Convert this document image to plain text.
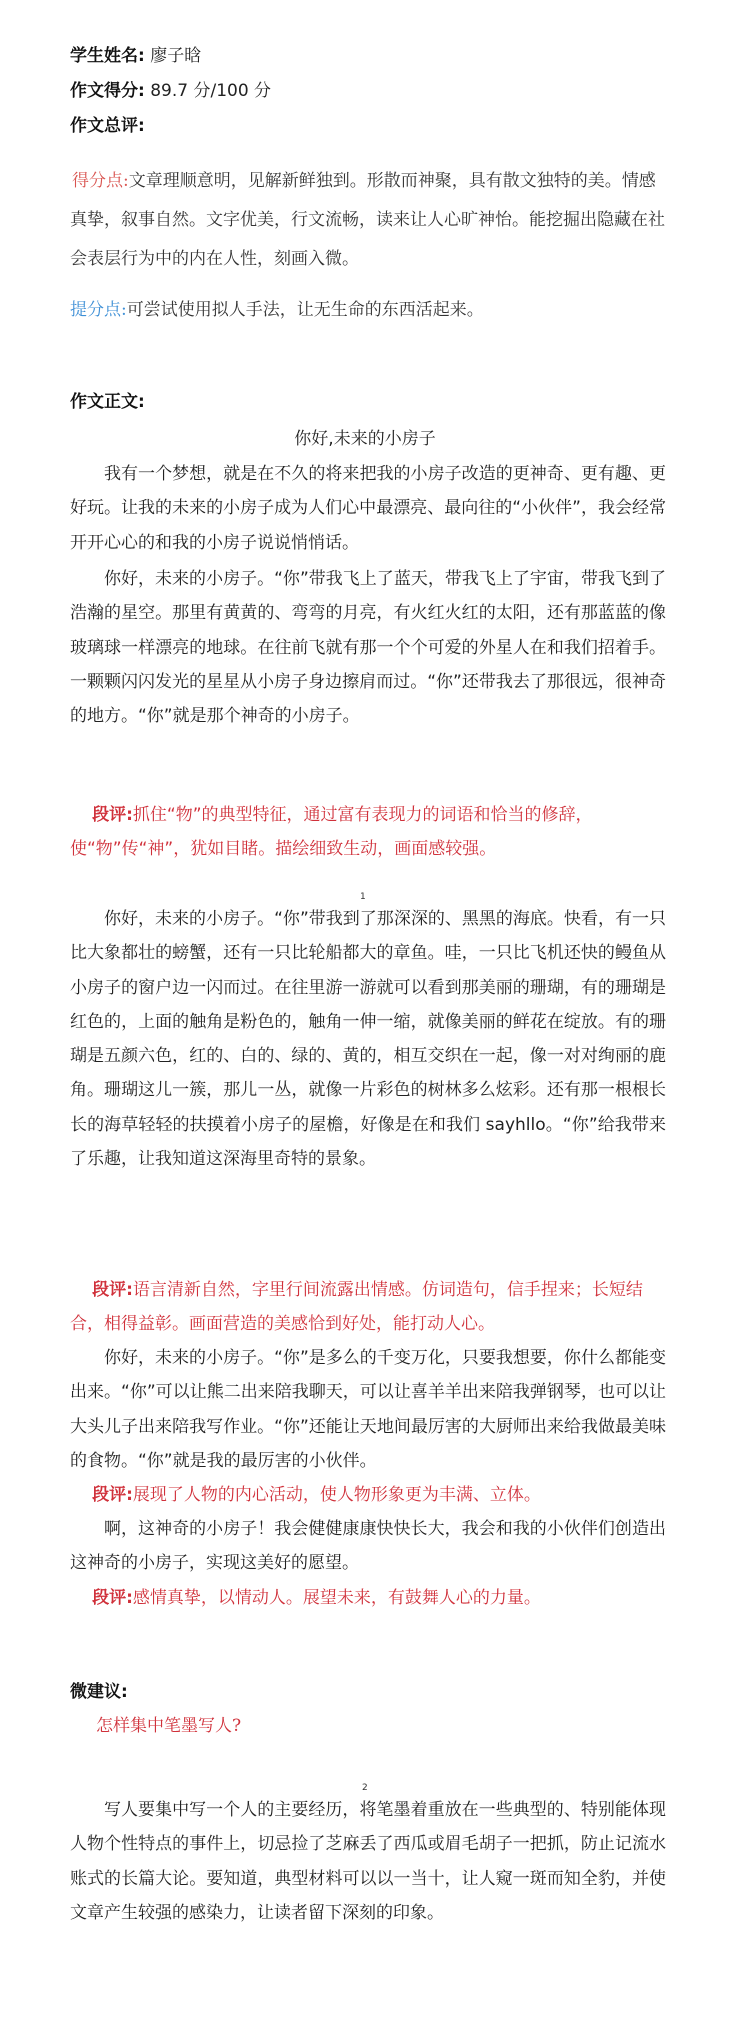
学生姓名: 廖子晗
作文得分: 89.7 分/100 分
作文总评:
得分点:文章理顺意明，见解新鲜独到。形散而神聚，具有散文独特的美。情感真挚，叙事自然。文字优美，行文流畅，读来让人心旷神怡。能挖掘出隐藏在社会表层行为中的内在人性，刻画入微。
提分点:可尝试使用拟人手法，让无生命的东西活起来。
作文正文:
你好,未来的小房子
我有一个梦想，就是在不久的将来把我的小房子改造的更神奇、更有趣、更好玩。让我的未来的小房子成为人们心中最漂亮、最向往的“小伙伴”，我会经常开开心心的和我的小房子说说悄悄话。
你好，未来的小房子。“你”带我飞上了蓝天，带我飞上了宇宙，带我飞到了浩瀚的星空。那里有黄黄的、弯弯的月亮，有火红火红的太阳，还有那蓝蓝的像玻璃球一样漂亮的地球。在往前飞就有那一个个可爱的外星人在和我们招着手。一颗颗闪闪发光的星星从小房子身边擦肩而过。“你”还带我去了那很远，很神奇的地方。“你”就是那个神奇的小房子。
段评:抓住“物”的典型特征，通过富有表现力的词语和恰当的修辞，使“物”传“神”，犹如目睹。描绘细致生动，画面感较强。
1
你好，未来的小房子。“你”带我到了那深深的、黑黑的海底。快看，有一只比大象都壮的螃蟹，还有一只比轮船都大的章鱼。哇，一只比飞机还快的鳗鱼从小房子的窗户边一闪而过。在往里游一游就可以看到那美丽的珊瑚，有的珊瑚是红色的，上面的触角是粉色的，触角一伸一缩，就像美丽的鲜花在绽放。有的珊瑚是五颜六色，红的、白的、绿的、黄的，相互交织在一起，像一对对绚丽的鹿角。珊瑚这儿一簇，那儿一丛，就像一片彩色的树林多么炫彩。还有那一根根长长的海草轻轻的扶摸着小房子的屋檐，好像是在和我们 sayhllo。“你”给我带来了乐趣，让我知道这深海里奇特的景象。
段评:语言清新自然，字里行间流露出情感。仿词造句，信手捏来；长短结合，相得益彰。画面营造的美感恰到好处，能打动人心。
你好，未来的小房子。“你”是多么的千变万化，只要我想要，你什么都能变出来。“你”可以让熊二出来陪我聊天，可以让喜羊羊出来陪我弹钢琴，也可以让大头儿子出来陪我写作业。“你”还能让天地间最厉害的大厨师出来给我做最美味的食物。“你”就是我的最厉害的小伙伴。
段评:展现了人物的内心活动，使人物形象更为丰满、立体。
啊，这神奇的小房子！我会健健康康快快长大，我会和我的小伙伴们创造出这神奇的小房子，实现这美好的愿望。
段评:感情真挚，以情动人。展望未来，有鼓舞人心的力量。
微建议:
怎样集中笔墨写人?
2
写人要集中写一个人的主要经历，将笔墨着重放在一些典型的、特别能体现人物个性特点的事件上，切忌捡了芝麻丢了西瓜或眉毛胡子一把抓，防止记流水账式的长篇大论。要知道，典型材料可以以一当十，让人窥一斑而知全豹，并使文章产生较强的感染力，让读者留下深刻的印象。
